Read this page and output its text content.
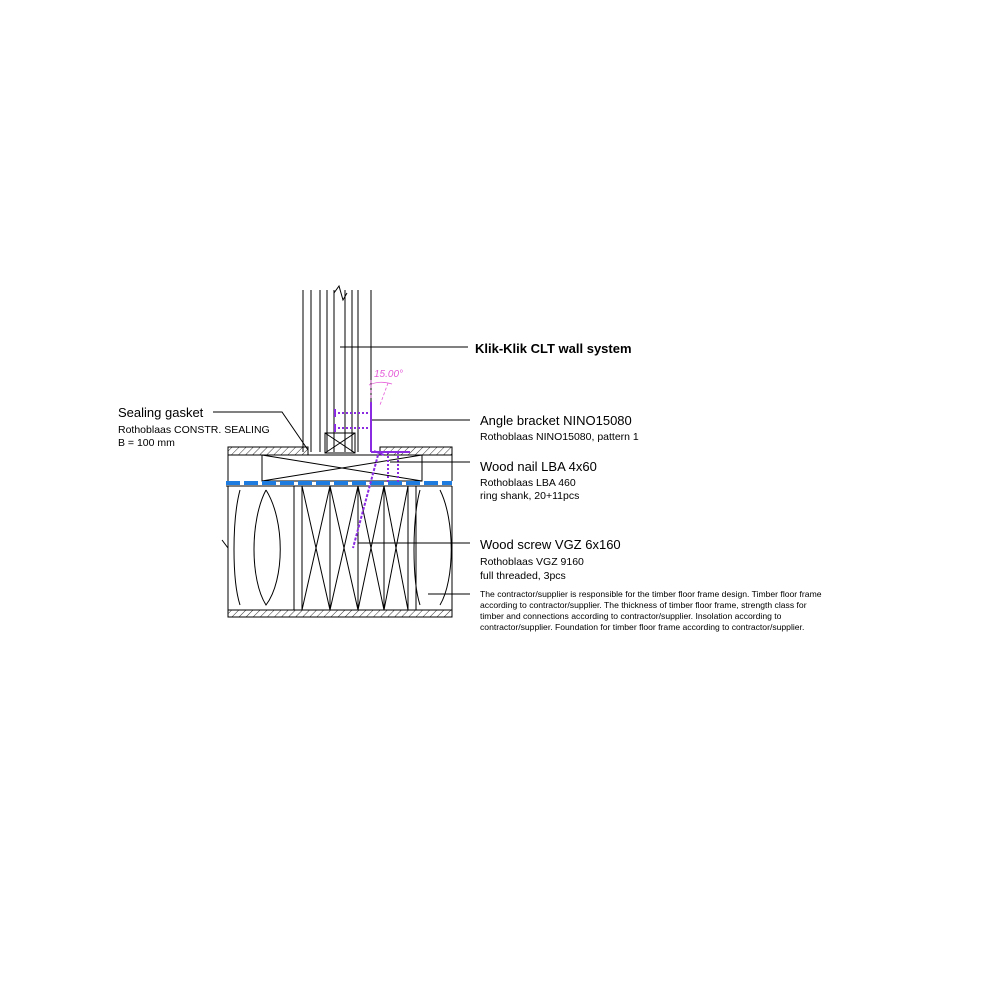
15.00°
Klik-Klik CLT wall system
Angle bracket NINO15080
Rothoblaas NINO15080, pattern 1
Wood nail LBA 4x60
Rothoblaas LBA 460
ring shank, 20+11pcs
Wood screw VGZ 6x160
Rothoblaas VGZ 9160
full threaded, 3pcs
Sealing gasket
Rothoblaas CONSTR. SEALING
B = 100 mm
The contractor/supplier is responsible for the timber floor frame design. Timber floor frame
according to contractor/supplier. The thickness of timber floor frame, strength class for
timber and connections according to contractor/supplier. Insolation according to
contractor/supplier. Foundation for timber floor frame according to contractor/supplier.
